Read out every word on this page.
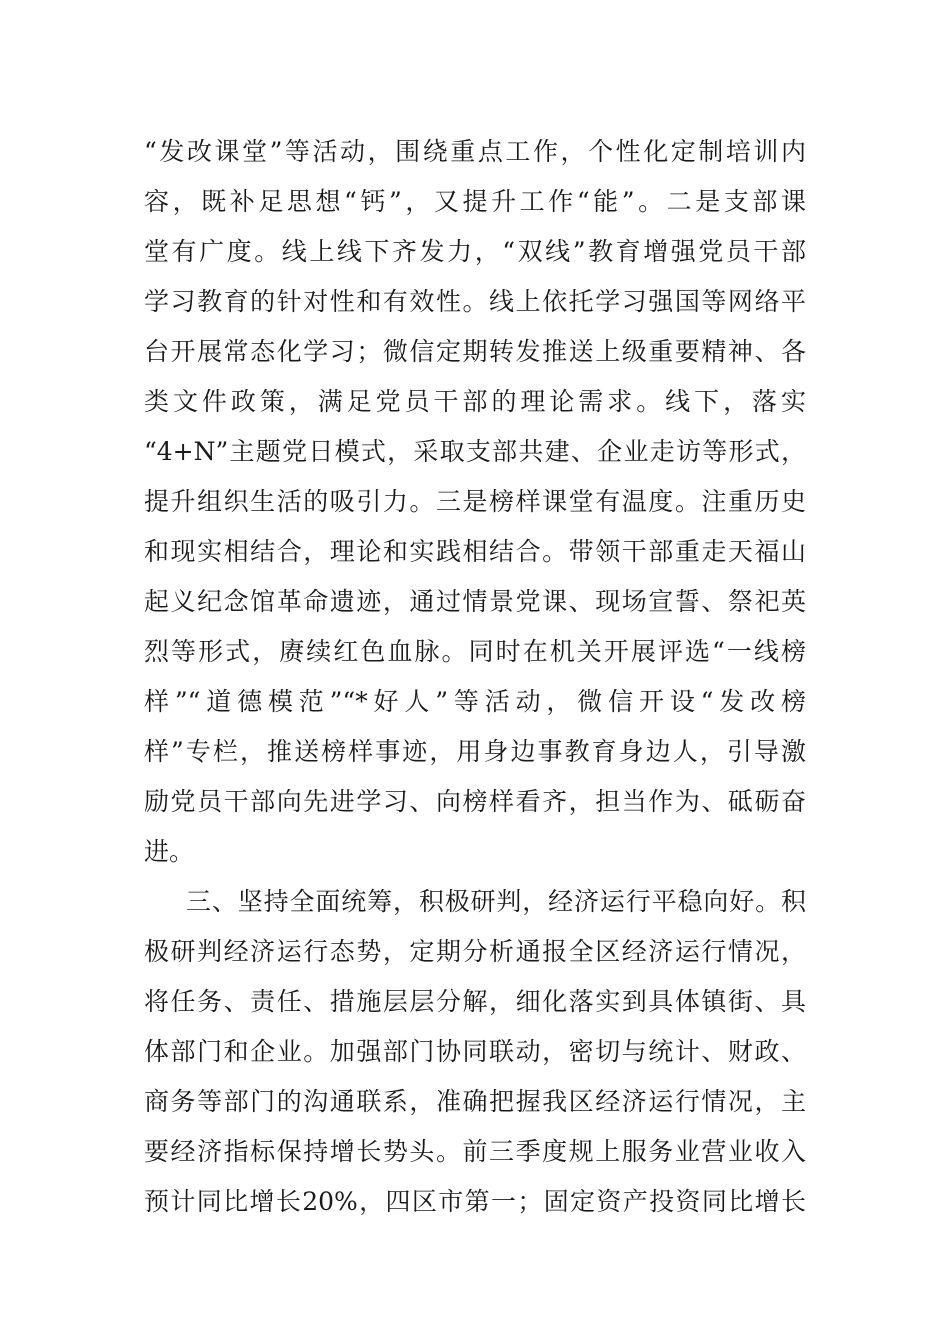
“发改课堂”等活动，围绕重点工作，个性化定制培训内
容，既补足思想“钙”，又提升工作“能”。二是支部课
堂有广度。线上线下齐发力，“双线”教育增强党员干部
学习教育的针对性和有效性。线上依托学习强国等网络平
台开展常态化学习；微信定期转发推送上级重要精神、各
类文件政策，满足党员干部的理论需求。线下，落实
“4+N”主题党日模式，采取支部共建、企业走访等形式，
提升组织生活的吸引力。三是榜样课堂有温度。注重历史
和现实相结合，理论和实践相结合。带领干部重走天福山
起义纪念馆革命遗迹，通过情景党课、现场宣誓、祭祀英
烈等形式，赓续红色血脉。同时在机关开展评选“一线榜
样”“道德模范”“*好人”等活动，微信开设“发改榜
样”专栏，推送榜样事迹，用身边事教育身边人，引导激
励党员干部向先进学习、向榜样看齐，担当作为、砥砺奋
进。
三、坚持全面统筹，积极研判，经济运行平稳向好。积
极研判经济运行态势，定期分析通报全区经济运行情况，
将任务、责任、措施层层分解，细化落实到具体镇街、具
体部门和企业。加强部门协同联动，密切与统计、财政、
商务等部门的沟通联系，准确把握我区经济运行情况，主
要经济指标保持增长势头。前三季度规上服务业营业收入
预计同比增长20%，四区市第一；固定资产投资同比增长
